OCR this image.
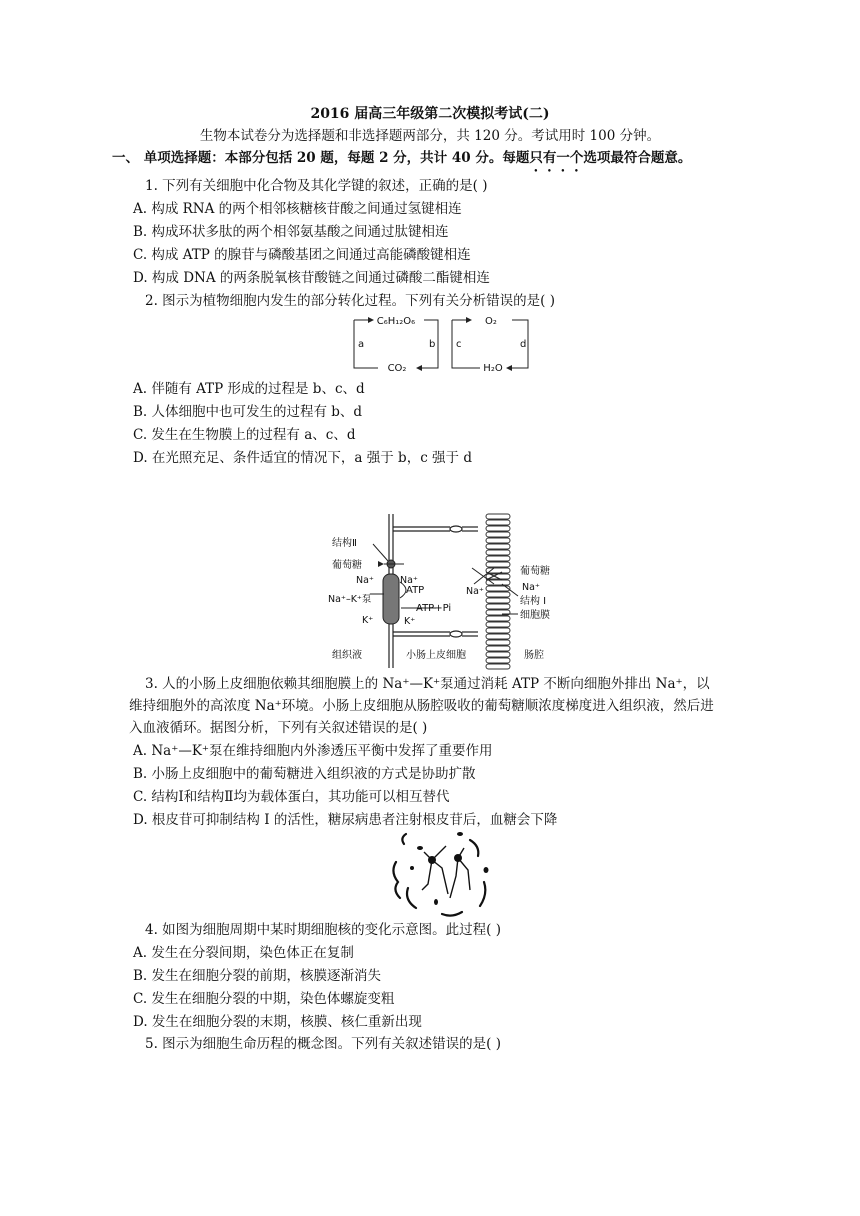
2016 届高三年级第二次模拟考试(二)
生物本试卷分为选择题和非选择题两部分，共 120 分。考试用时 100 分钟。
一、 单项选择题：本部分包括 20 题，每题 2 分，共计 40 分。每题只有一个选项最符合题意。
1. 下列有关细胞中化合物及其化学键的叙述，正确的是( )
A. 构成 RNA 的两个相邻核糖核苷酸之间通过氢键相连
B. 构成环状多肽的两个相邻氨基酸之间通过肽键相连
C. 构成 ATP 的腺苷与磷酸基团之间通过高能磷酸键相连
D. 构成 DNA 的两条脱氧核苷酸链之间通过磷酸二酯键相连
2. 图示为植物细胞内发生的部分转化过程。下列有关分析错误的是( )
C₆H₁₂O₆
CO₂
a	b
O₂
H₂O
c	d
A. 伴随有 ATP 形成的过程是 b、c、d
B. 人体细胞中也可发生的过程有 b、d
C. 发生在生物膜上的过程有 a、c、d
D. 在光照充足、条件适宜的情况下，a 强于 b，c 强于 d
结构Ⅱ
葡萄糖
Na⁺	Na⁺
ATP
Na⁺–K⁺泵
ATP+Pi
K⁺	K⁺
葡萄糖
Na⁺
Na⁺
结构 I
细胞膜
组织液	小肠上皮细胞	肠腔
3. 人的小肠上皮细胞依赖其细胞膜上的 Na⁺—K⁺泵通过消耗 ATP 不断向细胞外排出 Na⁺，以
维持细胞外的高浓度 Na⁺环境。小肠上皮细胞从肠腔吸收的葡萄糖顺浓度梯度进入组织液，然后进
入血液循环。据图分析，下列有关叙述错误的是( )
A. Na⁺—K⁺泵在维持细胞内外渗透压平衡中发挥了重要作用
B. 小肠上皮细胞中的葡萄糖进入组织液的方式是协助扩散
C. 结构Ⅰ和结构Ⅱ均为载体蛋白，其功能可以相互替代
D. 根皮苷可抑制结构 I 的活性，糖尿病患者注射根皮苷后，血糖会下降
4. 如图为细胞周期中某时期细胞核的变化示意图。此过程( )
A. 发生在分裂间期，染色体正在复制
B. 发生在细胞分裂的前期，核膜逐渐消失
C. 发生在细胞分裂的中期，染色体螺旋变粗
D. 发生在细胞分裂的末期，核膜、核仁重新出现
5. 图示为细胞生命历程的概念图。下列有关叙述错误的是( )
